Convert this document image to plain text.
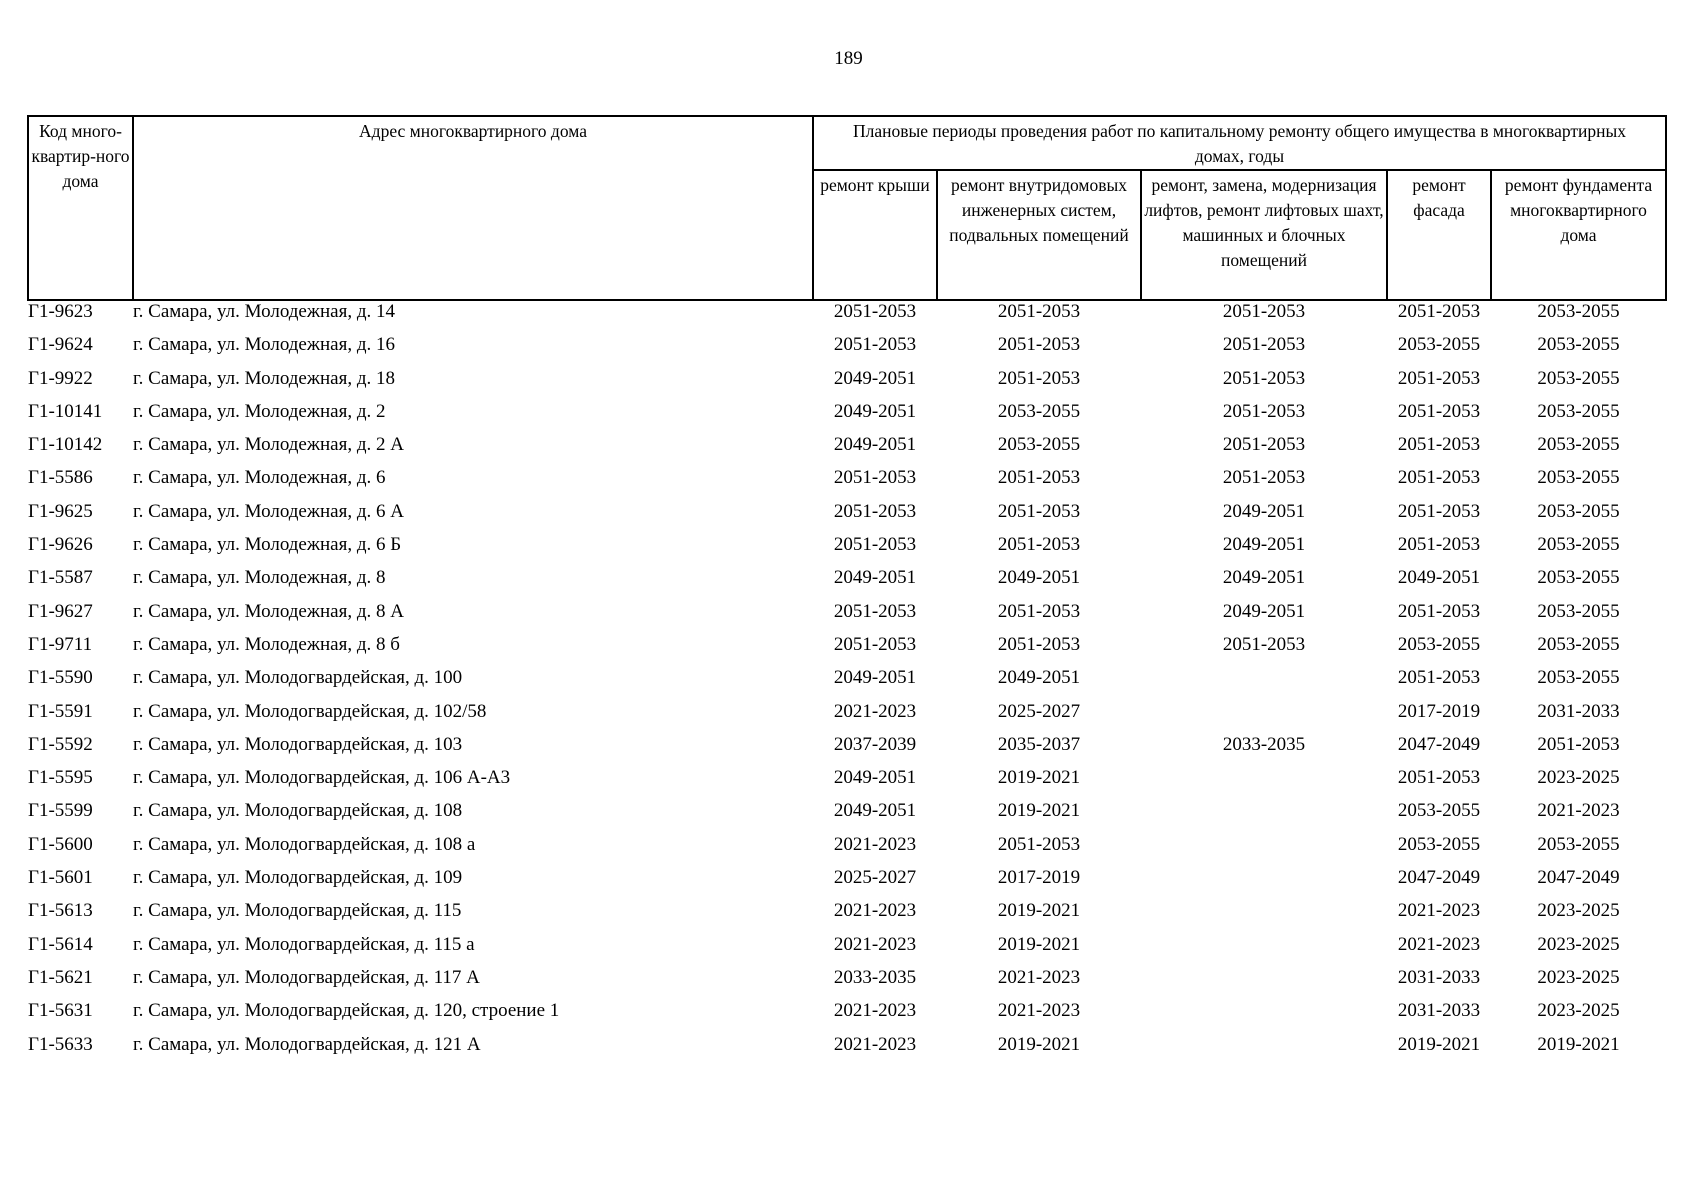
189
Код много-квартир-ного дома	Адрес многоквартирного дома	Плановые периоды проведения работ по капитальному ремонту общего имущества в многоквартирных домах, годы				
		ремонт крыши	ремонт внутридомовых инженерных систем, подвальных помещений	ремонт, замена, модернизация лифтов, ремонт лифтовых шахт, машинных и блочных помещений	ремонт фасада	ремонт фундамента многоквартирного дома
Г1-9623	г. Самара, ул. Молодежная, д. 14	2051-2053	2051-2053	2051-2053	2051-2053	2053-2055
Г1-9624	г. Самара, ул. Молодежная, д. 16	2051-2053	2051-2053	2051-2053	2053-2055	2053-2055
Г1-9922	г. Самара, ул. Молодежная, д. 18	2049-2051	2051-2053	2051-2053	2051-2053	2053-2055
Г1-10141	г. Самара, ул. Молодежная, д. 2	2049-2051	2053-2055	2051-2053	2051-2053	2053-2055
Г1-10142	г. Самара, ул. Молодежная, д. 2 А	2049-2051	2053-2055	2051-2053	2051-2053	2053-2055
Г1-5586	г. Самара, ул. Молодежная, д. 6	2051-2053	2051-2053	2051-2053	2051-2053	2053-2055
Г1-9625	г. Самара, ул. Молодежная, д. 6 А	2051-2053	2051-2053	2049-2051	2051-2053	2053-2055
Г1-9626	г. Самара, ул. Молодежная, д. 6 Б	2051-2053	2051-2053	2049-2051	2051-2053	2053-2055
Г1-5587	г. Самара, ул. Молодежная, д. 8	2049-2051	2049-2051	2049-2051	2049-2051	2053-2055
Г1-9627	г. Самара, ул. Молодежная, д. 8 А	2051-2053	2051-2053	2049-2051	2051-2053	2053-2055
Г1-9711	г. Самара, ул. Молодежная, д. 8 б	2051-2053	2051-2053	2051-2053	2053-2055	2053-2055
Г1-5590	г. Самара, ул. Молодогвардейская, д. 100	2049-2051	2049-2051		2051-2053	2053-2055
Г1-5591	г. Самара, ул. Молодогвардейская, д. 102/58	2021-2023	2025-2027		2017-2019	2031-2033
Г1-5592	г. Самара, ул. Молодогвардейская, д. 103	2037-2039	2035-2037	2033-2035	2047-2049	2051-2053
Г1-5595	г. Самара, ул. Молодогвардейская, д. 106 А-А3	2049-2051	2019-2021		2051-2053	2023-2025
Г1-5599	г. Самара, ул. Молодогвардейская, д. 108	2049-2051	2019-2021		2053-2055	2021-2023
Г1-5600	г. Самара, ул. Молодогвардейская, д. 108 а	2021-2023	2051-2053		2053-2055	2053-2055
Г1-5601	г. Самара, ул. Молодогвардейская, д. 109	2025-2027	2017-2019		2047-2049	2047-2049
Г1-5613	г. Самара, ул. Молодогвардейская, д. 115	2021-2023	2019-2021		2021-2023	2023-2025
Г1-5614	г. Самара, ул. Молодогвардейская, д. 115 а	2021-2023	2019-2021		2021-2023	2023-2025
Г1-5621	г. Самара, ул. Молодогвардейская, д. 117 А	2033-2035	2021-2023		2031-2033	2023-2025
Г1-5631	г. Самара, ул. Молодогвардейская, д. 120, строение 1	2021-2023	2021-2023		2031-2033	2023-2025
Г1-5633	г. Самара, ул. Молодогвардейская, д. 121 А	2021-2023	2019-2021		2019-2021	2019-2021
